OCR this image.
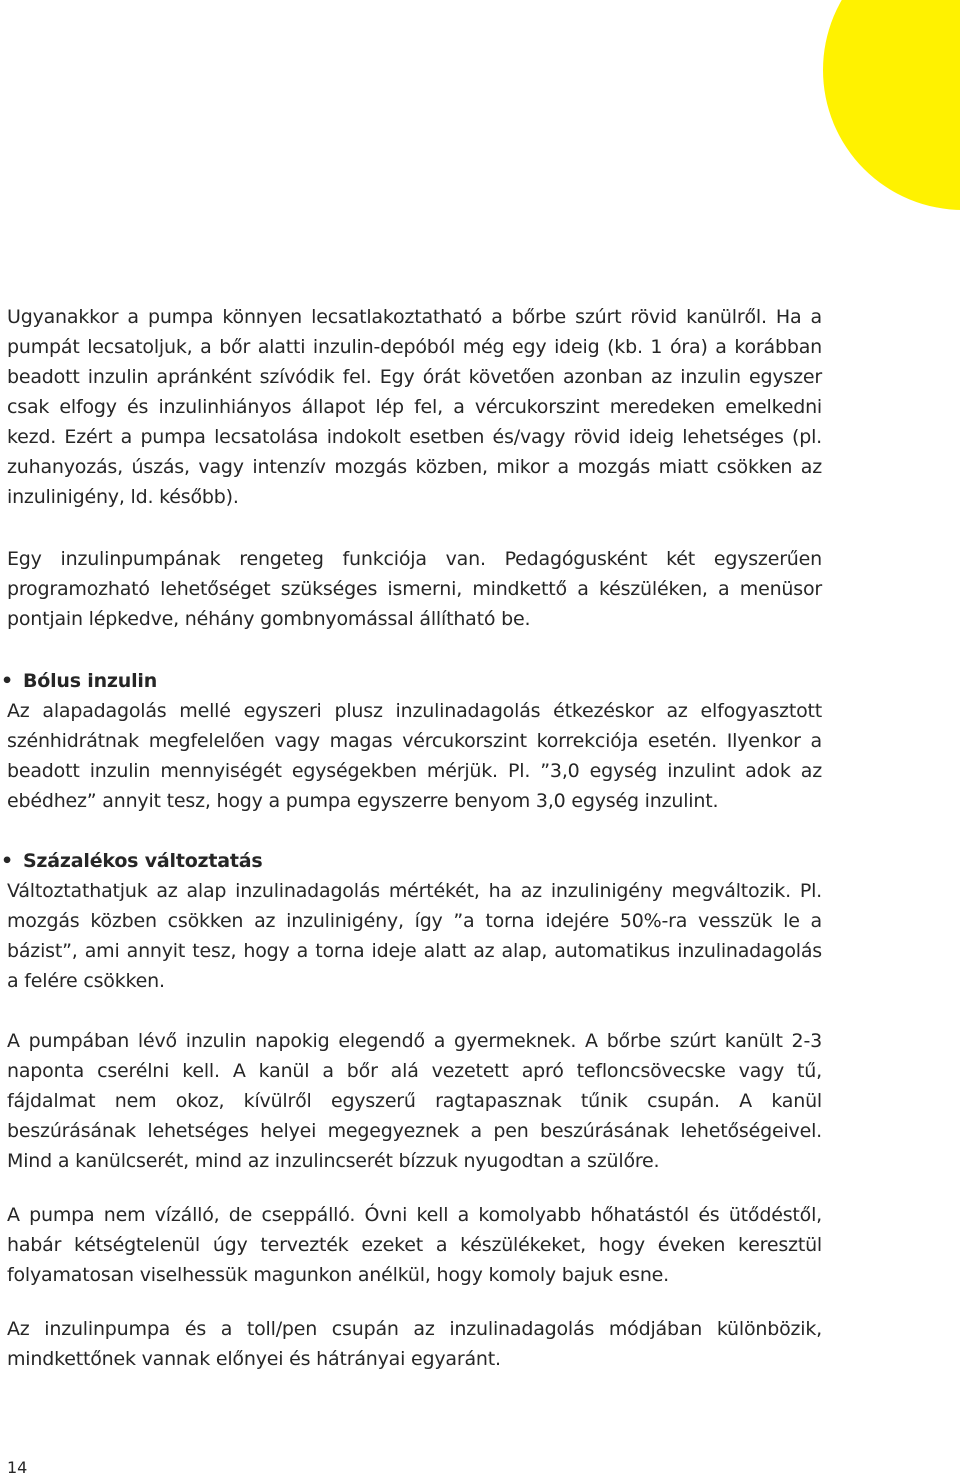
Ugyanakkor a pumpa könnyen lecsatlakoztatható a bőrbe szúrt rövid kanülről. Ha a pumpát lecsatoljuk, a bőr alatti inzulin-depóból még egy ideig (kb. 1 óra) a korábban beadott inzulin apránként szívódik fel. Egy órát követően azonban az inzulin egyszer csak elfogy és inzulinhiányos állapot lép fel, a vércukorszint meredeken emelkedni kezd. Ezért a pumpa lecsatolása indokolt esetben és/vagy rövid ideig lehetséges (pl. zuhanyozás, úszás, vagy intenzív mozgás közben, mikor a mozgás miatt csökken az inzulinigény, ld. később).

Egy inzulinpumpának rengeteg funkciója van. Pedagógusként két egyszerűen programozható lehetőséget szükséges ismerni, mindkettő a készüléken, a menüsor pontjain lépkedve, néhány gombnyomással állítható be.

• Bólus inzulin
Az alapadagolás mellé egyszeri plusz inzulinadagolás étkezéskor az elfogyasztott szénhidrátnak megfelelően vagy magas vércukorszint korrekciója esetén. Ilyenkor a beadott inzulin mennyiségét egységekben mérjük. Pl. ”3,0 egység inzulint adok az ebédhez” annyit tesz, hogy a pumpa egyszerre benyom 3,0 egység inzulint.
• Százalékos változtatás
Változtathatjuk az alap inzulinadagolás mértékét, ha az inzulinigény megváltozik. Pl. mozgás közben csökken az inzulinigény, így ”a torna idejére 50%-ra vesszük le a bázist”, ami annyit tesz, hogy a torna ideje alatt az alap, automatikus inzulinadagolás a felére csökken.

A pumpában lévő inzulin napokig elegendő a gyermeknek. A bőrbe szúrt kanült 2-3 naponta cserélni kell. A kanül a bőr alá vezetett apró tefloncsövecske vagy tű, fájdalmat nem okoz, kívülről egyszerű ragtapasznak tűnik csupán. A kanül beszúrásának lehetséges helyei megegyeznek a pen beszúrásának lehetőségeivel. Mind a kanülcserét, mind az inzulincserét bízzuk nyugodtan a szülőre.

A pumpa nem vízálló, de cseppálló. Óvni kell a komolyabb hőhatástól és ütődéstől, habár kétségtelenül úgy tervezték ezeket a készülékeket, hogy éveken keresztül folyamatosan viselhessük magunkon anélkül, hogy komoly bajuk esne.

Az inzulinpumpa és a toll/pen csupán az inzulinadagolás módjában különbözik, mindkettőnek vannak előnyei és hátrányai egyaránt.

14
